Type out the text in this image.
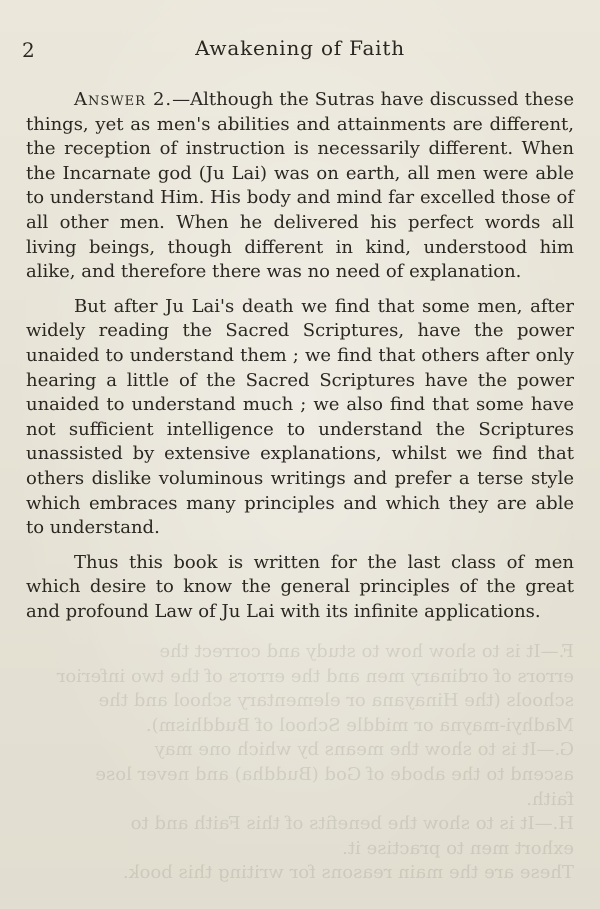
2	Awakening of Faith

Answer 2.—Although the Sutras have discussed these things, yet as men's abilities and attainments are different, the reception of instruction is necessarily different. When the Incarnate god (Ju Lai) was on earth, all men were able to understand Him. His body and mind far excelled those of all other men. When he delivered his perfect words all living beings, though different in kind, understood him alike, and therefore there was no need of explanation.

But after Ju Lai's death we find that some men, after widely reading the Sacred Scriptures, have the power unaided to understand them ; we find that others after only hearing a little of the Sacred Scriptures have the power unaided to understand much ; we also find that some have not sufficient intelligence to understand the Scriptures unassisted by extensive explanations, whilst we find that others dislike voluminous writings and prefer a terse style which embraces many principles and which they are able to understand.

Thus this book is written for the last class of men which desire to know the general principles of the great and profound Law of Ju Lai with its infinite applications.

F.—It is to show how to study and correct the
errors of ordinary men and the errors of the two inferior
schools (the Hinayana or elementary school and the
Madhyi-mayna or middle School of Buddhism).
G.—It is to show the means by which one may
ascend to the abode of God (Buddha) and never lose
faith.
H.—It is to show the benefits of this Faith and to
exhort men to practise it.
These are the main reasons for writing this book.
